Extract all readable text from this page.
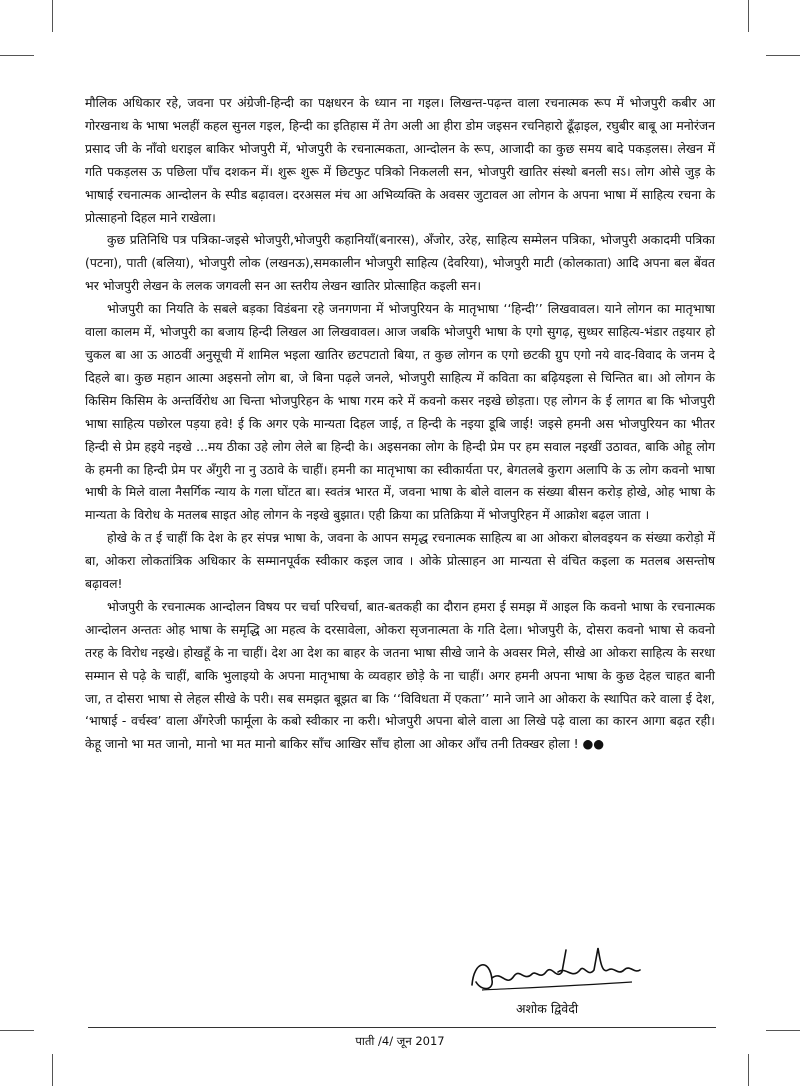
मौलिक अधिकार रहे, जवना पर अंग्रेजी-हिन्दी का पक्षधरन के ध्यान ना गइल। लिखन्त-पढ़न्त वाला रचनात्मक रूप में भोजपुरी कबीर आ गोरखनाथ के भाषा भलहीं कहल सुनल गइल, हिन्दी का इतिहास में तेग अली आ हीरा डोम जइसन रचनिहारो ढूँढ़ाइल, रघुबीर बाबू आ मनोरंजन प्रसाद जी के नाँवो धराइल बाकिर भोजपुरी में, भोजपुरी के रचनात्मकता, आन्दोलन के रूप, आजादी का कुछ समय बादे पकड़लस। लेखन में गति पकड़लस ऊ पछिला पाँच दशकन में। शुरू शुरू में छिटफुट पत्रिको निकलली सन, भोजपुरी खातिर संस्थो बनली सऽ। लोग ओसे जुड़ के भाषाई रचनात्मक आन्दोलन के स्पीड बढ़ावल। दरअसल मंच आ अभिव्यक्ति के अवसर जुटावल आ लोगन के अपना भाषा में साहित्य रचना के प्रोत्साहनो दिहल माने राखेला।

कुछ प्रतिनिधि पत्र पत्रिका-जइसे भोजपुरी,भोजपुरी कहानियाँ(बनारस), अँजोर, उरेह, साहित्य सम्मेलन पत्रिका, भोजपुरी अकादमी पत्रिका (पटना), पाती (बलिया), भोजपुरी लोक (लखनऊ),समकालीन भोजपुरी साहित्य (देवरिया), भोजपुरी माटी (कोलकाता) आदि अपना बल बेंवत भर भोजपुरी लेखन के ललक जगवली सन आ स्तरीय लेखन खातिर प्रोत्साहित कइली सन।

भोजपुरी का नियति के सबले बड़का विडंबना रहे जनगणना में भोजपुरियन के मातृभाषा ‘‘हिन्दी’’ लिखवावल। याने लोगन का मातृभाषा वाला कालम में, भोजपुरी का बजाय हिन्दी लिखल आ लिखवावल। आज जबकि भोजपुरी भाषा के एगो सुगढ़, सुध्घर साहित्य-भंडार तइयार हो चुकल बा आ ऊ आठवीं अनुसूची में शामिल भइला खातिर छटपटातो बिया, त कुछ लोगन क एगो छटकी ग्रुप एगो नये वाद-विवाद के जनम दे दिहले बा। कुछ महान आत्मा अइसनो लोग बा, जे बिना पढ़ले जनले, भोजपुरी साहित्य में कविता का बढ़ियइला से चिन्तित बा। ओ लोगन के किसिम किसिम के अन्तर्विरोध आ चिन्ता भोजपुरिहन के भाषा गरम करे में कवनो कसर नइखे छोड़ता। एह लोगन के ई लागत बा कि भोजपुरी भाषा साहित्य पछोरल पड़या हवे! ई कि अगर एके मान्यता दिहल जाई, त हिन्दी के नइया डूबि जाई! जइसे हमनी अस भोजपुरियन का भीतर हिन्दी से प्रेम हइये नइखे ...मय ठीका उहे लोग लेले बा हिन्दी के। अइसनका लोग के हिन्दी प्रेम पर हम सवाल नइखीं उठावत, बाकि ओहू लोग के हमनी का हिन्दी प्रेम पर अँगुरी ना नु उठावे के चाहीं। हमनी का मातृभाषा का स्वीकार्यता पर, बेगतलबे कुराग अलापि के ऊ लोग कवनो भाषा भाषी के मिले वाला नैसर्गिक न्याय के गला घोंटत बा। स्वतंत्र भारत में, जवना भाषा के बोले वालन क संख्या बीसन करोड़ होखे, ओह भाषा के मान्यता के विरोध के मतलब साइत ओह लोगन के नइखे बुझात। एही क्रिया का प्रतिक्रिया में भोजपुरिहन में आक्रोश बढ़ल जाता ।

होखे के त ई चाहीं कि देश के हर संपन्न भाषा के, जवना के आपन समृद्ध रचनात्मक साहित्य बा आ ओकरा बोलवइयन क संख्या करोड़ो में बा, ओकरा लोकतांत्रिक अधिकार के सम्मानपूर्वक स्वीकार कइल जाव । ओके प्रोत्साहन आ मान्यता से वंचित कइला क मतलब असन्तोष बढ़ावल!

भोजपुरी के रचनात्मक आन्दोलन विषय पर चर्चा परिचर्चा, बात-बतकही का दौरान हमरा ई समझ में आइल कि कवनो भाषा के रचनात्मक आन्दोलन अन्ततः ओह भाषा के समृद्धि आ महत्व के दरसावेला, ओकरा सृजनात्मता के गति देला। भोजपुरी के, दोसरा कवनो भाषा से कवनो तरह के विरोध नइखे। होखहूँ के ना चाहीं। देश आ देश का बाहर के जतना भाषा सीखे जाने के अवसर मिले, सीखे आ ओकरा साहित्य के सरधा सम्मान से पढ़े के चाहीं, बाकि भुलाइयो के अपना मातृभाषा के व्यवहार छोड़े के ना चाहीं। अगर हमनी अपना भाषा के कुछ देहल चाहत बानी जा, त दोसरा भाषा से लेहल सीखे के परी। सब समझत बूझत बा कि ‘‘विविधता में एकता’’ माने जाने आ ओकरा के स्थापित करे वाला ई देश, ‘भाषाई - वर्चस्व’ वाला अँगरेजी फार्मूला के कबो स्वीकार ना करी। भोजपुरी अपना बोले वाला आ लिखे पढ़े वाला का कारन आगा बढ़त रही। केहू जानो भा मत जानो, मानो भा मत मानो बाकिर साँच आखिर साँच होला आ ओकर आँच तनी तिक्खर होला ! ●●

अशोक द्विवेदी
पाती /4/ जून 2017
